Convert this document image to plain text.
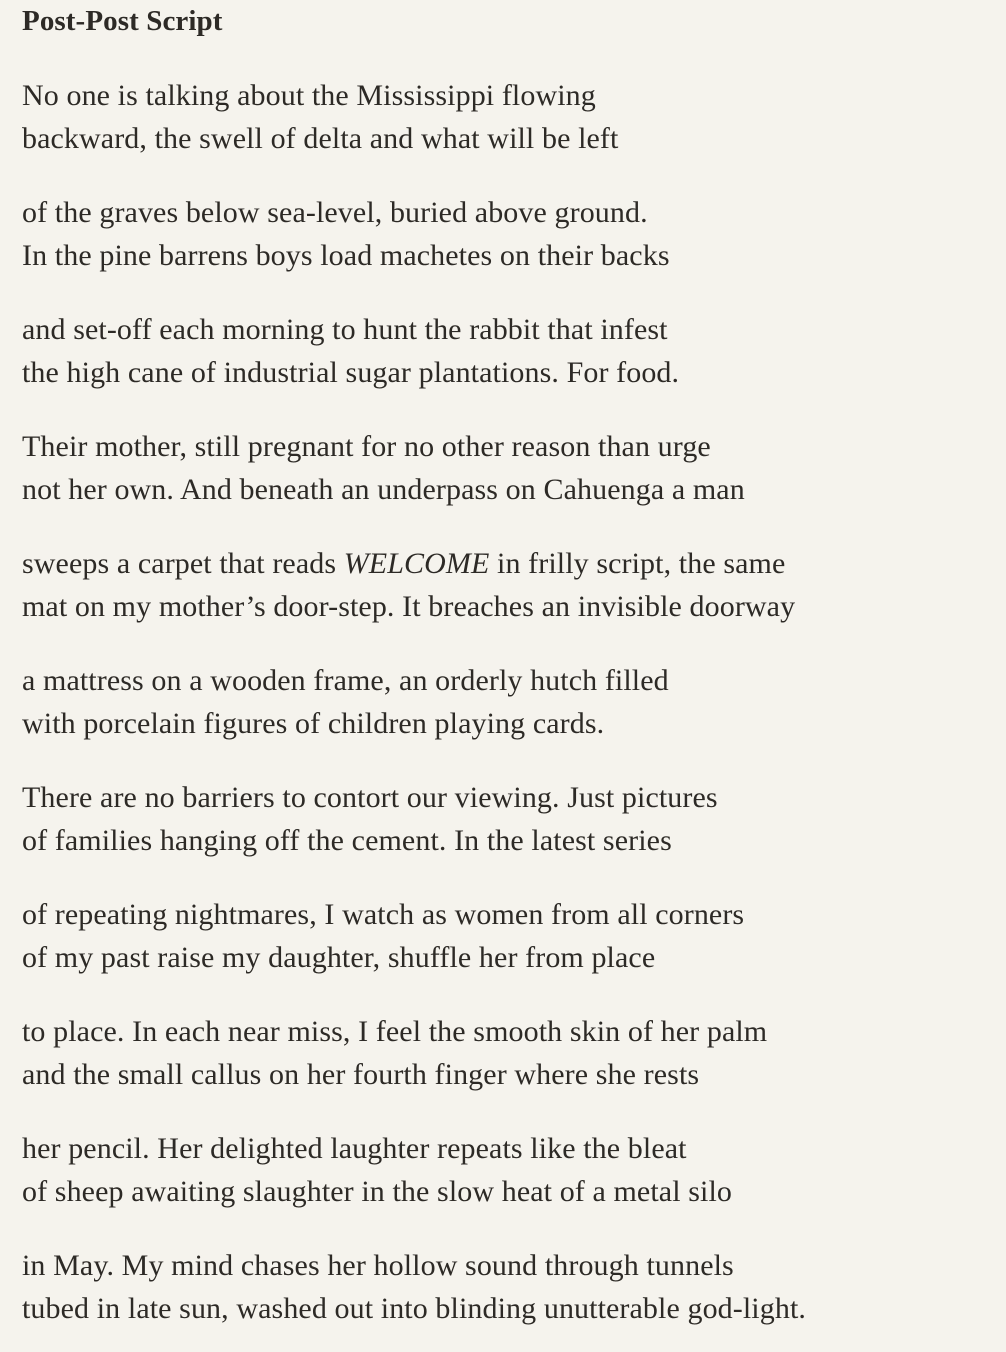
Post-Post Script
No one is talking about the Mississippi flowing
backward, the swell of delta and what will be left
of the graves below sea-level, buried above ground.
In the pine barrens boys load machetes on their backs
and set-off each morning to hunt the rabbit that infest
the high cane of industrial sugar plantations. For food.
Their mother, still pregnant for no other reason than urge
not her own. And beneath an underpass on Cahuenga a man
sweeps a carpet that reads WELCOME in frilly script, the same
mat on my mother’s door-step. It breaches an invisible doorway
a mattress on a wooden frame, an orderly hutch filled
with porcelain figures of children playing cards.
There are no barriers to contort our viewing. Just pictures
of families hanging off the cement. In the latest series
of repeating nightmares, I watch as women from all corners
of my past raise my daughter, shuffle her from place
to place. In each near miss, I feel the smooth skin of her palm
and the small callus on her fourth finger where she rests
her pencil. Her delighted laughter repeats like the bleat
of sheep awaiting slaughter in the slow heat of a metal silo
in May. My mind chases her hollow sound through tunnels
tubed in late sun, washed out into blinding unutterable god-light.
